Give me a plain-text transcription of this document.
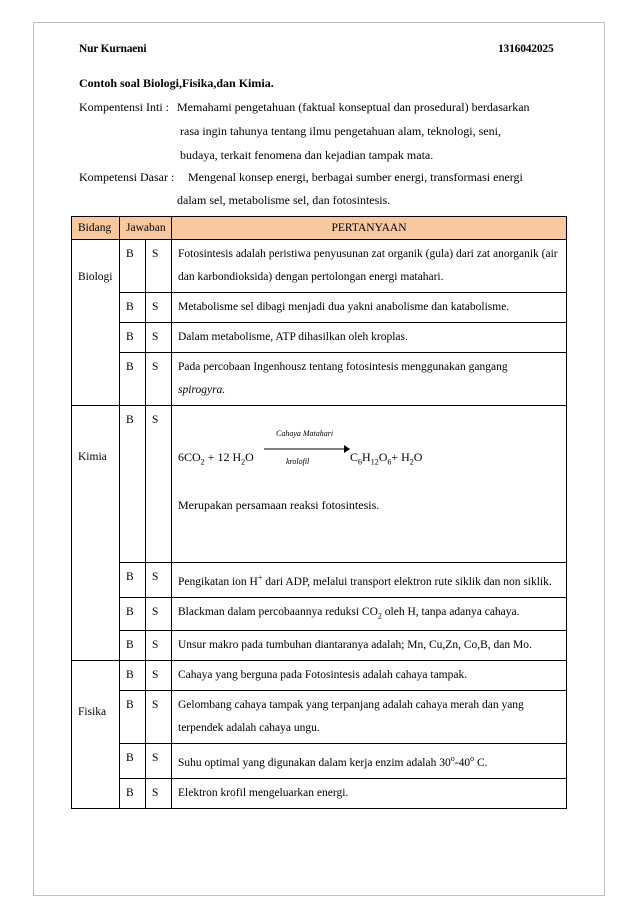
Nur Kurnaeni	1316042025
Contoh soal Biologi,Fisika,dan Kimia.
Kompentensi Inti : Memahami pengetahuan (faktual konseptual dan prosedural) berdasarkan
rasa ingin tahunya tentang ilmu pengetahuan alam, teknologi, seni,
budaya, terkait fenomena dan kejadian tampak mata.
Kompetensi Dasar : Mengenal konsep energi, berbagai sumber energi, transformasi energi
dalam sel, metabolisme sel, dan fotosintesis.
Bidang	Jawaban		PERTANYAAN
Biologi	B	S	Fotosintesis adalah peristiwa penyusunan zat organik (gula) dari zat anorganik (air dan karbondioksida) dengan pertolongan energi matahari.
	B	S	Metabolisme sel dibagi menjadi dua yakni anabolisme dan katabolisme.
	B	S	Dalam metabolisme, ATP dihasilkan oleh kroplas.
	B	S	Pada percobaan Ingenhousz tentang fotosintesis menggunakan gangang
spirogyra.
Kimia	B	S	Cahaya Matahari
$6CO_2 + 12$ $H_2O$ krolofil $C_6H_{12}O_6+ H_2O$
Merupakan persamaan reaksi fotosintesis.

	B	S	Pengikatan ion H+ dari ADP, melalui transport elektron rute siklik dan non siklik.
	B	S	Blackman dalam percobaannya reduksi $CO_2$ oleh H, tanpa adanya cahaya.
	B	S	Unsur makro pada tumbuhan diantaranya adalah; Mn, Cu,Zn, Co,B, dan Mo.
Fisika	B	S	Cahaya yang berguna pada Fotosintesis adalah cahaya tampak.
	B	S	Gelombang cahaya tampak yang terpanjang adalah cahaya merah dan yang terpendek adalah cahaya ungu.
	B	S	Suhu optimal yang digunakan dalam kerja enzim adalah 30$^o$-40$^o$ C.
	B	S	Elektron krofil mengeluarkan energi.
